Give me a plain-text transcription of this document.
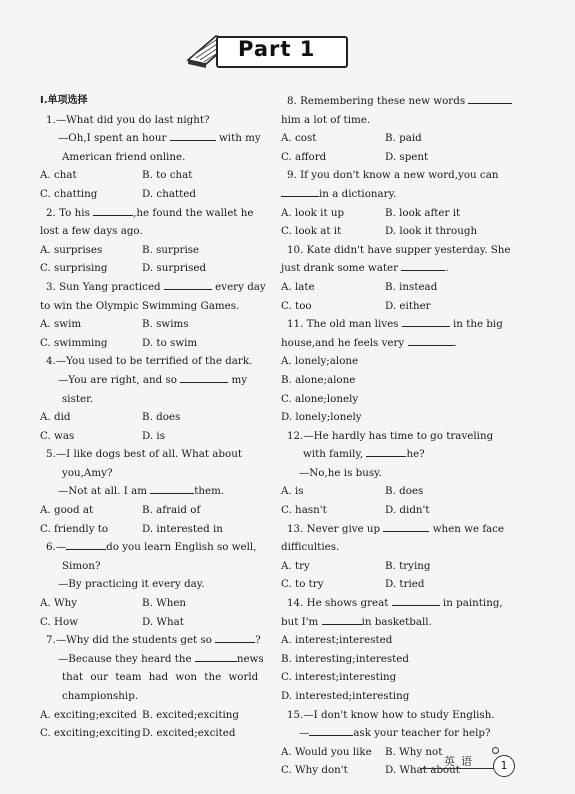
Part 1
Ⅰ.单项选择
1.—What did you do last night?
—Oh,I spent an hour	with my
American friend online.
A. chat	B. to chat
C. chatting	D. chatted
2. To his	,he found the wallet he
lost a few days ago.
A. surprises	B. surprise
C. surprising	D. surprised
3. Sun Yang practiced	every day
to win the Olympic Swimming Games.
A. swim	B. swims
C. swimming	D. to swim
4.—You used to be terrified of the dark.
—You are right, and so	my
sister.
A. did	B. does
C. was	D. is
5.—I like dogs best of all. What about
you,Amy?
—Not at all. I am	them.
A. good at	B. afraid of
C. friendly to	D. interested in
6.—	do you learn English so well,
Simon?
—By practicing it every day.
A. Why	B. When
C. How	D. What
7.—Why did the students get so	?
—Because they heard the	news
that our team had won the world
championship.
A. exciting;excited B. excited;exciting
C. exciting;exciting D. excited;excited
8. Remembering these new words
him a lot of time.
A. cost	B. paid
C. afford	D. spent
9. If you don't know a new word,you can
in a dictionary.
A. look it up	B. look after it
C. look at it	D. look it through
10. Kate didn't have supper yesterday. She
just drank some water	.
A. late	B. instead
C. too	D. either
11. The old man lives	in the big
house,and he feels very	.
A. lonely;alone
B. alone;alone
C. alone;lonely
D. lonely;lonely
12.—He hardly has time to go traveling
with family,	he?
—No,he is busy.
A. is	B. does
C. hasn't	D. didn't
13. Never give up	when we face
difficulties.
A. try	B. trying
C. to try	D. tried
14. He shows great	in painting,
but I'm	in basketball.
A. interest;interested
B. interesting;interested
C. interest;interesting
D. interested;interesting
15.—I don't know how to study English.
—	ask your teacher for help?
A. Would you like	B. Why not
C. Why don't	D. What about
英语	1
